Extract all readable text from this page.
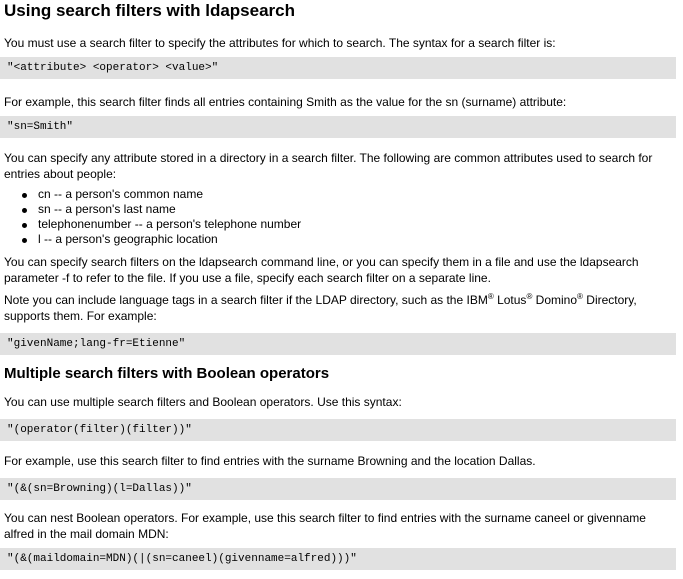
Using search filters with ldapsearch

You must use a search filter to specify the attributes for which to search. The syntax for a search filter is:

"<attribute> <operator> <value>"

For example, this search filter finds all entries containing Smith as the value for the sn (surname) attribute:

"sn=Smith"

You can specify any attribute stored in a directory in a search filter. The following are common attributes used to search for entries about people:

cn -- a person's common name
sn -- a person's last name
telephonenumber -- a person's telephone number
l -- a person's geographic location

You can specify search filters on the ldapsearch command line, or you can specify them in a file and use the ldapsearch parameter -f to refer to the file. If you use a file, specify each search filter on a separate line.

Note you can include language tags in a search filter if the LDAP directory, such as the IBM® Lotus® Domino® Directory, supports them. For example:

"givenName;lang-fr=Etienne"
Multiple search filters with Boolean operators

You can use multiple search filters and Boolean operators. Use this syntax:

"(operator(filter)(filter))"

For example, use this search filter to find entries with the surname Browning and the location Dallas.

"(&(sn=Browning)(l=Dallas))"

You can nest Boolean operators. For example, use this search filter to find entries with the surname caneel or givenname alfred in the mail domain MDN:

"(&(maildomain=MDN)(|(sn=caneel)(givenname=alfred)))"
